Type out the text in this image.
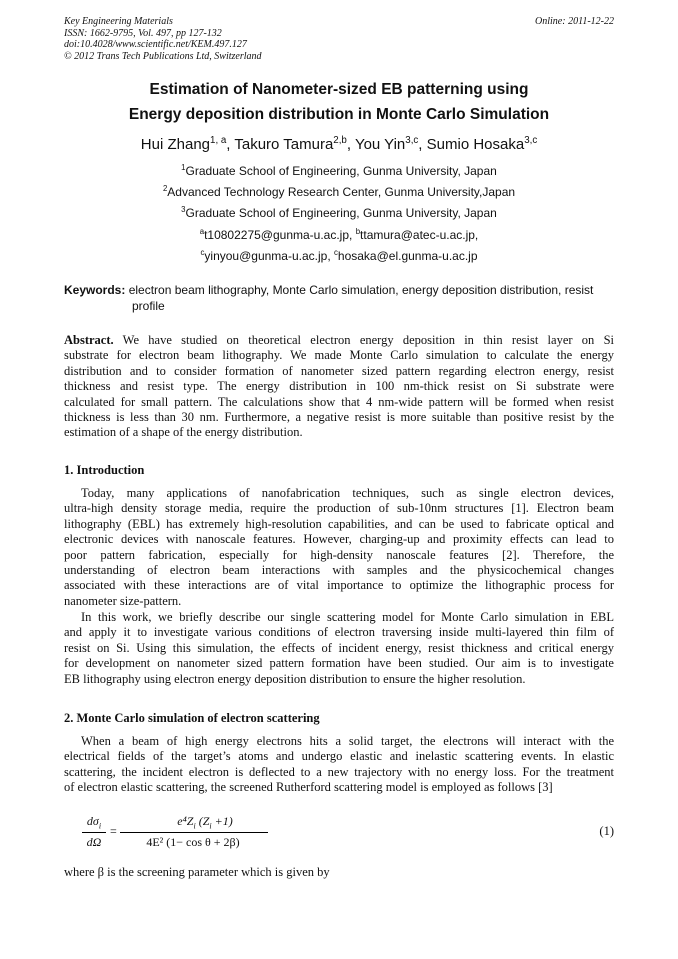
Key Engineering Materials
ISSN: 1662-9795, Vol. 497, pp 127-132
doi:10.4028/www.scientific.net/KEM.497.127
© 2012 Trans Tech Publications Ltd, Switzerland
Online: 2011-12-22
Estimation of Nanometer-sized EB patterning using
Energy deposition distribution in Monte Carlo Simulation
Hui Zhang$^{1, a}$, Takuro Tamura$^{2,b}$, You Yin$^{3,c}$, Sumio Hosaka$^{3,c}$
$^1$Graduate School of Engineering, Gunma University, Japan
$^2$Advanced Technology Research Center, Gunma University,Japan
$^3$Graduate School of Engineering, Gunma University, Japan
$^a$t10802275@gunma-u.ac.jp, $^b$ttamura@atec-u.ac.jp,
$^c$yinyou@gunma-u.ac.jp, $^c$hosaka@el.gunma-u.ac.jp
Keywords: electron beam lithography, Monte Carlo simulation, energy deposition distribution, resist
profile
Abstract. We have studied on theoretical electron energy deposition in thin resist layer on Si
substrate for electron beam lithography. We made Monte Carlo simulation to calculate the energy
distribution and to consider formation of nanometer sized pattern regarding electron energy, resist
thickness and resist type. The energy distribution in 100 nm-thick resist on Si substrate were
calculated for small pattern. The calculations show that 4 nm-wide pattern will be formed when resist
thickness is less than 30 nm. Furthermore, a negative resist is more suitable than positive resist by the
estimation of a shape of the energy distribution.
1. Introduction
Today, many applications of nanofabrication techniques, such as single electron devices,
ultra-high density storage media, require the production of sub-10nm structures [1]. Electron beam
lithography (EBL) has extremely high-resolution capabilities, and can be used to fabricate optical and
electronic devices with nanoscale features. However, charging-up and proximity effects can lead to
poor pattern fabrication, especially for high-density nanoscale features [2]. Therefore, the
understanding of electron beam interactions with samples and the physicochemical changes
associated with these interactions are of vital importance to optimize the lithographic process for
nanometer size-pattern.
In this work, we briefly describe our single scattering model for Monte Carlo simulation in EBL
and apply it to investigate various conditions of electron traversing inside multi-layered thin film of
resist on Si. Using this simulation, the effects of incident energy, resist thickness and critical energy
for development on nanometer sized pattern formation have been studied. Our aim is to investigate
EB lithography using electron energy deposition distribution to ensure the higher resolution.
2. Monte Carlo simulation of electron scattering
When a beam of high energy electrons hits a solid target, the electrons will interact with the
electrical fields of the target’s atoms and undergo elastic and inelastic scattering events. In elastic
scattering, the incident electron is deflected to a new trajectory with no energy loss. For the treatment
of electron elastic scattering, the screened Rutherford scattering model is employed as follows [3]
$d\sigma_i$
dΩ
=
$e^4Z_i$ $(Z_i +1)$
4E² (1− cos θ + 2β)
(1)
where β is the screening parameter which is given by
